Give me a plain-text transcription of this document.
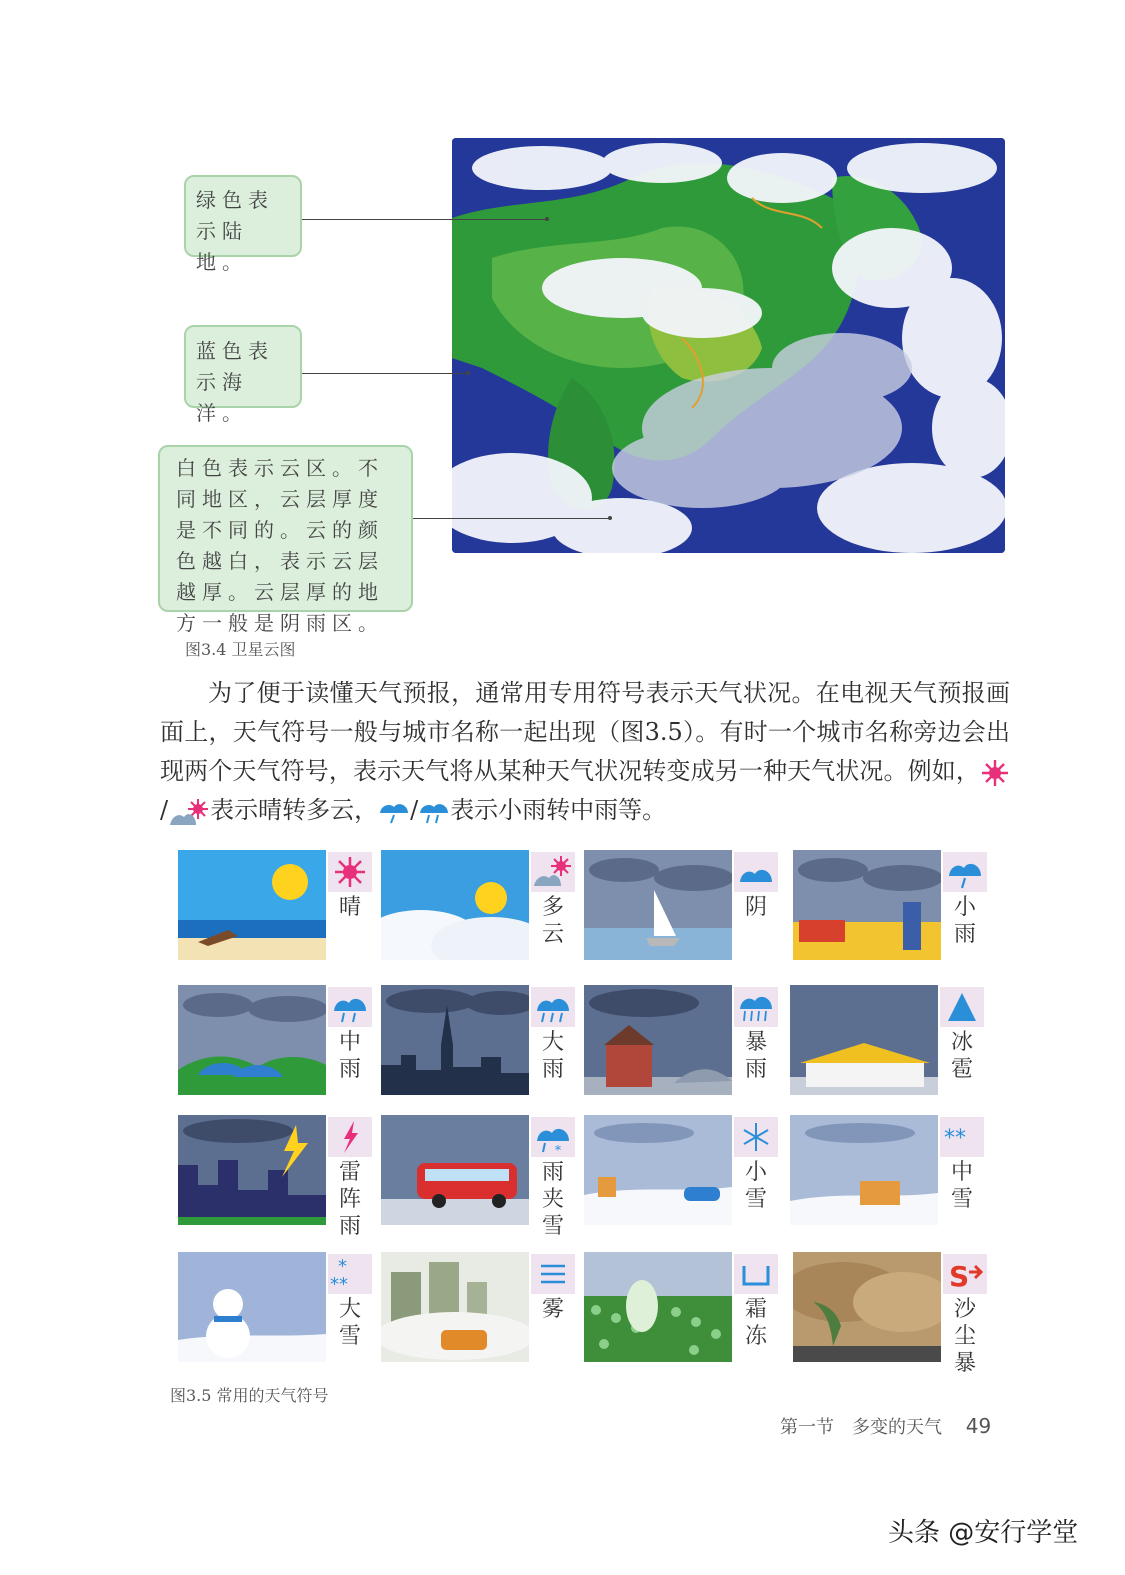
绿色表示陆地。
蓝色表示海洋。
白色表示云区。不同地区，云层厚度是不同的。云的颜色越白，表示云层越厚。云层厚的地方一般是阴雨区。
图3.4 卫星云图

为了便于读懂天气预报，通常用专用符号表示天气状况。在电视天气预报画面上，天气符号一般与城市名称一起出现（图3.5）。有时一个城市名称旁边会出现两个天气符号，表示天气将从某种天气状况转变成另一种天气状况。例如，/ 表示晴转多云， / 表示小雨转中雨等。

晴	多云
阴	小雨
中雨
大雨
暴雨
冰雹
雷阵雨
*
雨夹雪
小雪
**
中雪
*
**
大雪
雾	霜冻
S
沙尘暴
图3.5 常用的天气符号
第一节　多变的天气 49
头条 @安行学堂
